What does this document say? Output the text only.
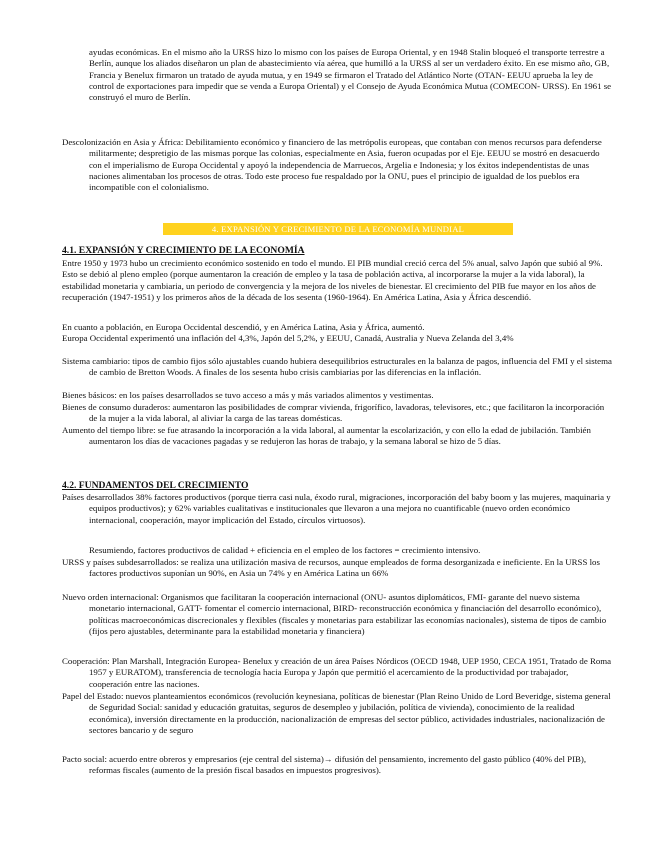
ayudas económicas. En el mismo año la URSS hizo lo mismo con los países de Europa Oriental, y en 1948 Stalin bloqueó el transporte terrestre a Berlín, aunque los aliados diseñaron un plan de abastecimiento vía aérea, que humilló a la URSS al ser un verdadero éxito. En ese mismo año, GB, Francia y Benelux firmaron un tratado de ayuda mutua, y en 1949 se firmaron el Tratado del Atlántico Norte (OTAN- EEUU aprueba la ley de control de exportaciones para impedir que se venda a Europa Oriental) y el Consejo de Ayuda Económica Mutua (COMECON- URSS). En 1961 se construyó el muro de Berlín.

Descolonización en Asia y África: Debilitamiento económico y financiero de las metrópolis europeas, que contaban con menos recursos para defenderse militarmente; despretigio de las mismas porque las colonias, especialmente en Asia, fueron ocupadas por el Eje. EEUU se mostró en desacuerdo con el imperialismo de Europa Occidental y apoyó la independencia de Marruecos, Argelia e Indonesia; y los éxitos independentistas de unas naciones alimentaban los procesos de otras. Todo este proceso fue respaldado por la ONU, pues el principio de igualdad de los pueblos era incompatible con el colonialismo.

4. EXPANSIÓN Y CRECIMIENTO DE LA ECONOMÍA MUNDIAL
4.1. EXPANSIÓN Y CRECIMIENTO DE LA ECONOMÍA

Entre 1950 y 1973 hubo un crecimiento económico sostenido en todo el mundo. El PIB mundial creció cerca del 5% anual, salvo Japón que subió al 9%. Esto se debió al pleno empleo (porque aumentaron la creación de empleo y la tasa de población activa, al incorporarse la mujer a la vida laboral), la estabilidad monetaria y cambiaria, un periodo de convergencia y la mejora de los niveles de bienestar. El crecimiento del PIB fue mayor en los años de recuperación (1947-1951) y los primeros años de la década de los sesenta (1960-1964). En América Latina, Asia y África descendió.

En cuanto a población, en Europa Occidental descendió, y en América Latina, Asia y África, aumentó.

Europa Occidental experimentó una inflación del 4,3%, Japón del 5,2%, y EEUU, Canadá, Australia y Nueva Zelanda del 3,4%

Sistema cambiario: tipos de cambio fijos sólo ajustables cuando hubiera desequilibrios estructurales en la balanza de pagos, influencia del FMI y el sistema de cambio de Bretton Woods. A finales de los sesenta hubo crisis cambiarias por las diferencias en la inflación.

Bienes básicos: en los países desarrollados se tuvo acceso a más y más variados alimentos y vestimentas.

Bienes de consumo duraderos: aumentaron las posibilidades de comprar vivienda, frigorífico, lavadoras, televisores, etc.; que facilitaron la incorporación de la mujer a la vida laboral, al aliviar la carga de las tareas domésticas.

Aumento del tiempo libre: se fue atrasando la incorporación a la vida laboral, al aumentar la escolarización, y con ello la edad de jubilación. También aumentaron los días de vacaciones pagadas y se redujeron las horas de trabajo, y la semana laboral se hizo de 5 días.

4.2. FUNDAMENTOS DEL CRECIMIENTO

Países desarrollados 38% factores productivos (porque tierra casi nula, éxodo rural, migraciones, incorporación del baby boom y las mujeres, maquinaria y equipos productivos); y 62% variables cualitativas e institucionales que llevaron a una mejora no cuantificable (nuevo orden económico internacional, cooperación, mayor implicación del Estado, círculos virtuosos).

Resumiendo, factores productivos de calidad + eficiencia en el empleo de los factores = crecimiento intensivo.

URSS y países subdesarrollados: se realiza una utilización masiva de recursos, aunque empleados de forma desorganizada e ineficiente. En la URSS los factores productivos suponían un 90%, en Asia un 74% y en América Latina un 66%

Nuevo orden internacional: Organismos que facilitaran la cooperación internacional (ONU- asuntos diplomáticos, FMI- garante del nuevo sistema monetario internacional, GATT- fomentar el comercio internacional, BIRD- reconstrucción económica y financiación del desarrollo económico), políticas macroeconómicas discrecionales y flexibles (fiscales y monetarias para estabilizar las economías nacionales), sistema de tipos de cambio (fijos pero ajustables, determinante para la estabilidad monetaria y financiera)

Cooperación: Plan Marshall, Integración Europea- Benelux y creación de un área Países Nórdicos (OECD 1948, UEP 1950, CECA 1951, Tratado de Roma 1957 y EURATOM), transferencia de tecnología hacia Europa y Japón que permitió el acercamiento de la productividad por trabajador, cooperación entre las naciones.

Papel del Estado: nuevos planteamientos económicos (revolución keynesiana, políticas de bienestar (Plan Reino Unido de Lord Beveridge, sistema general de Seguridad Social: sanidad y educación gratuitas, seguros de desempleo y jubilación, política de vivienda), conocimiento de la realidad económica), inversión directamente en la producción, nacionalización de empresas del sector público, actividades industriales, nacionalización de sectores bancario y de seguro

Pacto social: acuerdo entre obreros y empresarios (eje central del sistema)→ difusión del pensamiento, incremento del gasto público (40% del PIB), reformas fiscales (aumento de la presión fiscal basados en impuestos progresivos).
